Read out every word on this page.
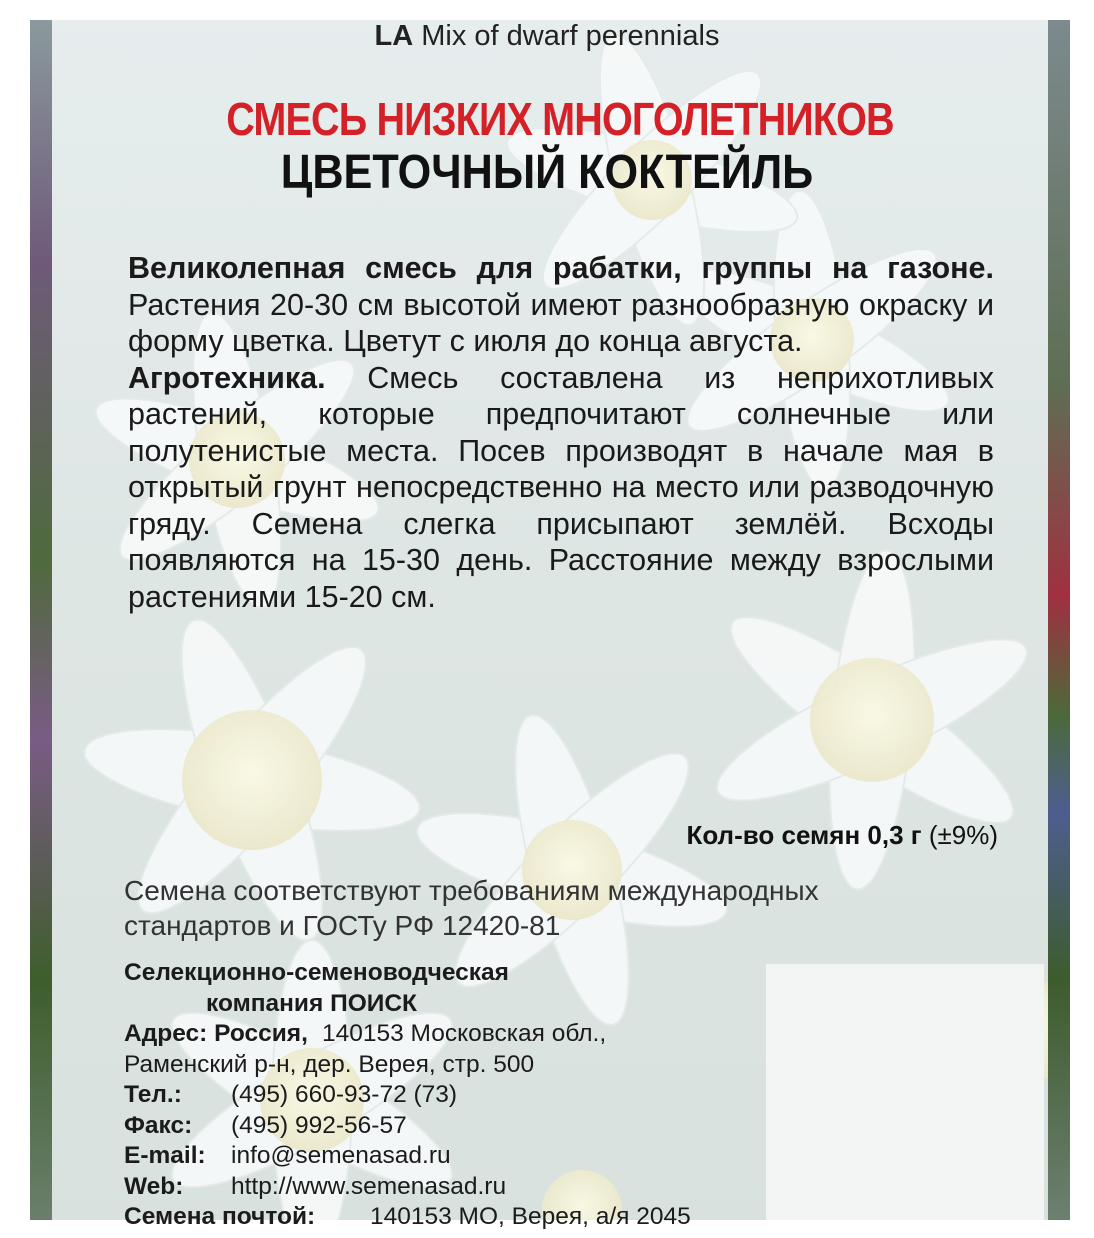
LA Mix of dwarf perennials
СМЕСЬ НИЗКИХ МНОГОЛЕТНИКОВ
ЦВЕТОЧНЫЙ КОКТЕЙЛЬ

Великолепная смесь для рабатки, группы на газоне. Растения 20-30 см высотой имеют разнообразную окраску и форму цветка. Цветут с июля до конца августа.

Агротехника. Смесь составлена из неприхотливых растений, которые предпочитают солнечные или полутенистые места. Посев производят в начале мая в открытый грунт непосредственно на место или разводочную гряду. Семена слегка присыпают землёй. Всходы появляются на 15-30 день. Расстояние между взрослыми растениями 15-20 см.

Кол-во семян 0,3 г (±9%)
Семена соответствуют требованиям международных
стандартов и ГОСТу РФ 12420-81
Селекционно-семеноводческая
компания ПОИСК
Адрес: Россия, 140153 Московская обл.,
Раменский р-н, дер. Верея, стр. 500
Тел.: (495) 660-93-72 (73)
Факс: (495) 992-56-57
E-mail: info@semenasad.ru
Web: http://www.semenasad.ru
Семена почтой: 140153 МО, Верея, а/я 2045
